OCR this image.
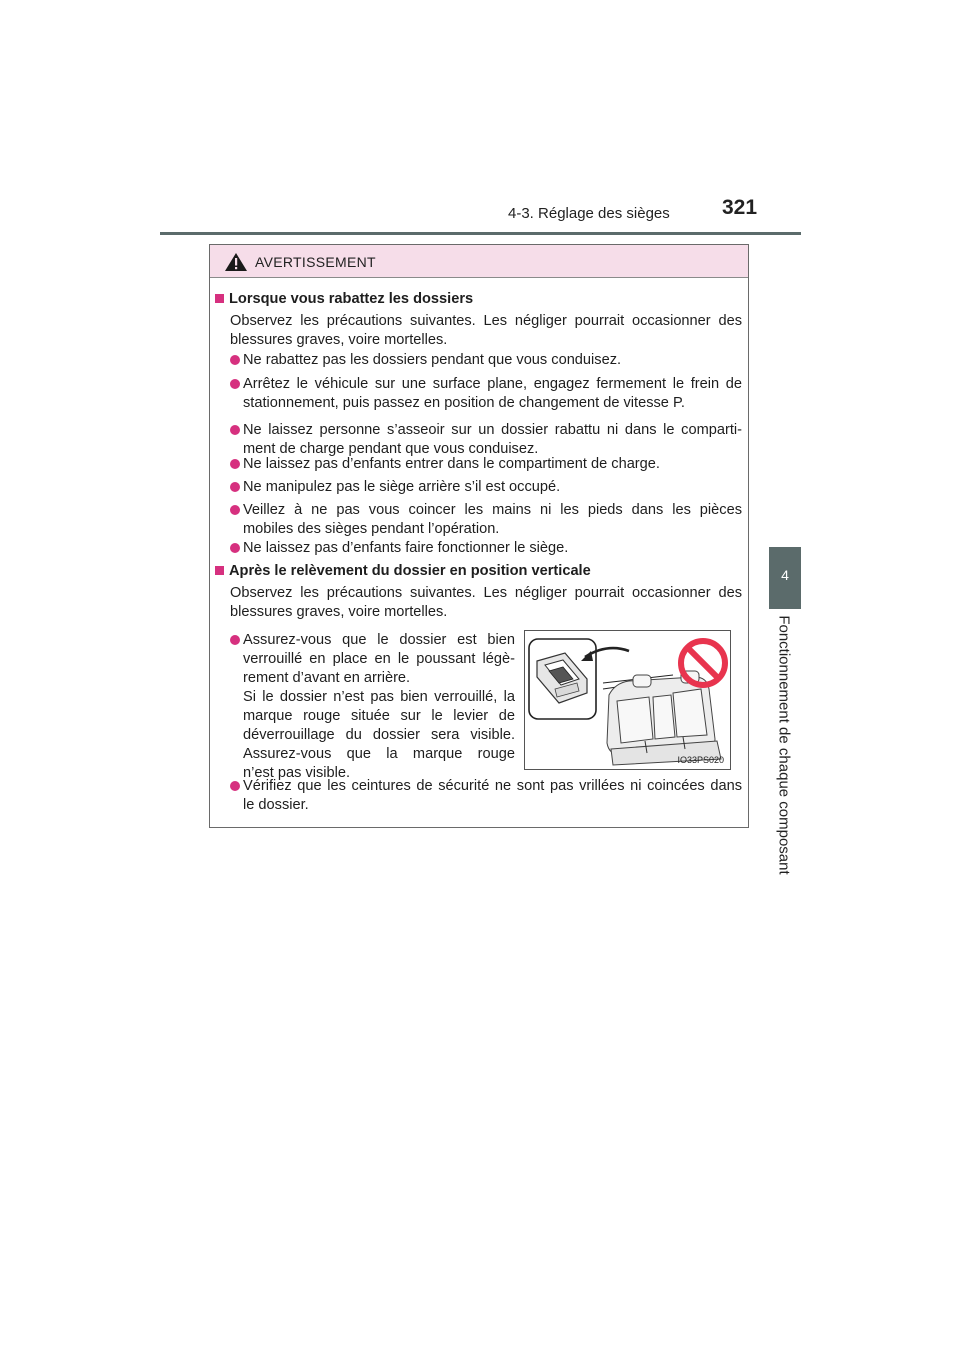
4-3. Réglage des sièges 321
4
Fonctionnement de chaque composant
AVERTISSEMENT
Lorsque vous rabattez les dossiers
Observez les précautions suivantes. Les négliger pourrait occasionner des
blessures graves, voire mortelles.
Ne rabattez pas les dossiers pendant que vous conduisez.
Arrêtez le véhicule sur une surface plane, engagez fermement le frein de
stationnement, puis passez en position de changement de vitesse P.
Ne laissez personne s’asseoir sur un dossier rabattu ni dans le comparti-
ment de charge pendant que vous conduisez.
Ne laissez pas d’enfants entrer dans le compartiment de charge.
Ne manipulez pas le siège arrière s’il est occupé.
Veillez à ne pas vous coincer les mains ni les pieds dans les pièces
mobiles des sièges pendant l’opération.
Ne laissez pas d’enfants faire fonctionner le siège.
Après le relèvement du dossier en position verticale
Observez les précautions suivantes. Les négliger pourrait occasionner des
blessures graves, voire mortelles.
Assurez-vous que le dossier est bien
verrouillé en place en le poussant légè-
rement d’avant en arrière.
Si le dossier n’est pas bien verrouillé, la
marque rouge située sur le levier de
déverrouillage du dossier sera visible.
Assurez-vous que la marque rouge
n’est pas visible.
Vérifiez que les ceintures de sécurité ne sont pas vrillées ni coincées dans
le dossier.
IO33PS020
